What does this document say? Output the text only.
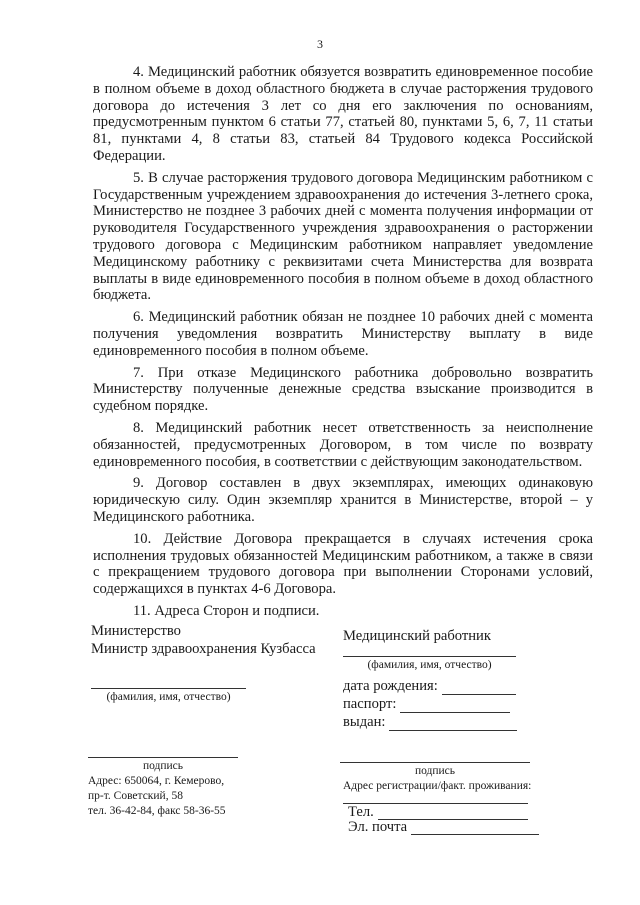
3

4. Медицинский работник обязуется возвратить единовременное пособие в полном объеме в доход областного бюджета в случае расторжения трудового договора до истечения 3 лет со дня его заключения по основаниям, предусмотренным пунктом 6 статьи 77, статьей 80, пунктами 5, 6, 7, 11 статьи 81, пунктами 4, 8 статьи 83, статьей 84 Трудового кодекса Российской Федерации.

5. В случае расторжения трудового договора Медицинским работником с Государственным учреждением здравоохранения до истечения 3-летнего срока, Министерство не позднее 3 рабочих дней с момента получения информации от руководителя Государственного учреждения здравоохранения о расторжении трудового договора с Медицинским работником направляет уведомление Медицинскому работнику с реквизитами счета Министерства для возврата выплаты в виде единовременного пособия в полном объеме в доход областного бюджета.

6. Медицинский работник обязан не позднее 10 рабочих дней с момента получения уведомления возвратить Министерству выплату в виде единовременного пособия в полном объеме.

7. При отказе Медицинского работника добровольно возвратить Министерству полученные денежные средства взыскание производится в судебном порядке.

8. Медицинский работник несет ответственность за неисполнение обязанностей, предусмотренных Договором, в том числе по возврату единовременного пособия, в соответствии с действующим законодательством.

9. Договор составлен в двух экземплярах, имеющих одинаковую юридическую силу. Один экземпляр хранится в Министерстве, второй – у Медицинского работника.

10. Действие Договора прекращается в случаях истечения срока исполнения трудовых обязанностей Медицинским работником, а также в связи с прекращением трудового договора при выполнении Сторонами условий, содержащихся в пунктах 4-6 Договора.

11. Адреса Сторон и подписи.

Министерство
Министр здравоохранения Кузбасса
(фамилия, имя, отчество)
подпись
Адрес: 650064, г. Кемерово,
пр-т. Советский, 58
тел. 36-42-84, факс 58-36-55
Медицинский работник
(фамилия, имя, отчество)
дата рождения:
паспорт:
выдан:
подпись
Адрес регистрации/факт. проживания:
Тел.
Эл. почта
